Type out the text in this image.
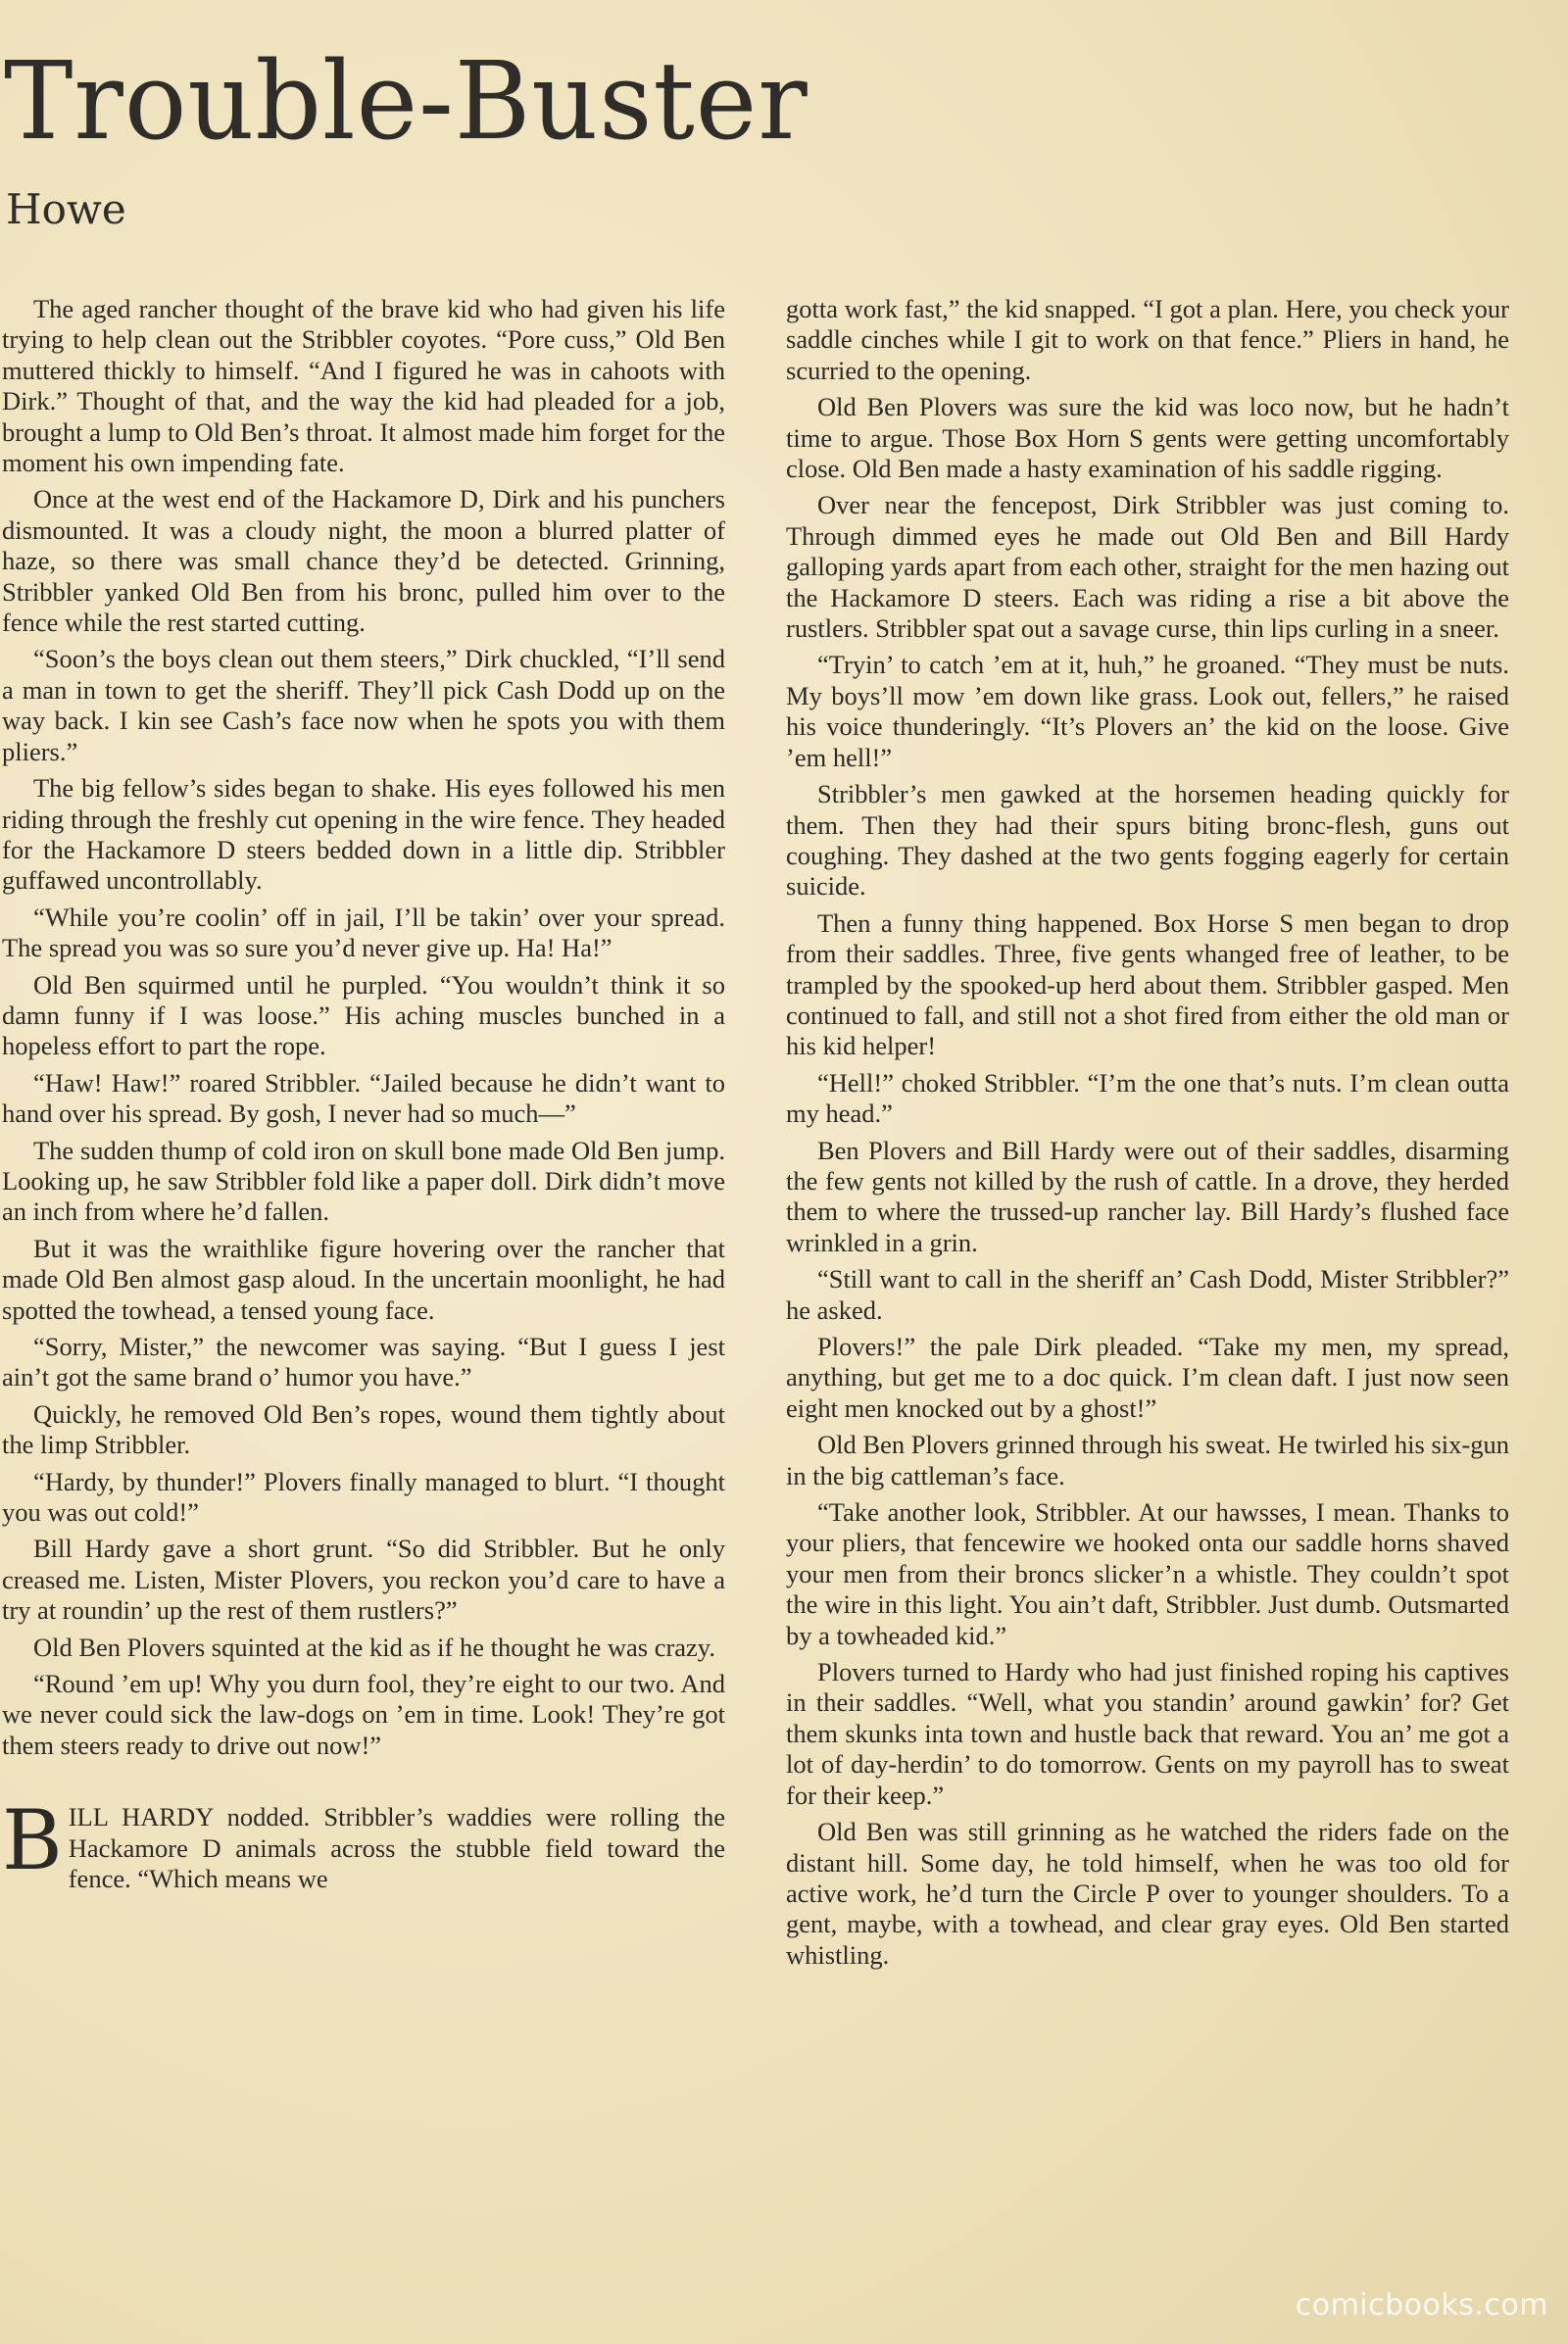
Trouble-Buster
Howe

The aged rancher thought of the brave kid who had given his life trying to help clean out the Stribbler coyotes. “Pore cuss,” Old Ben muttered thickly to himself. “And I figured he was in cahoots with Dirk.” Thought of that, and the way the kid had pleaded for a job, brought a lump to Old Ben’s throat. It almost made him forget for the moment his own impending fate.

Once at the west end of the Hackamore D, Dirk and his punchers dismounted. It was a cloudy night, the moon a blurred platter of haze, so there was small chance they’d be detected. Grinning, Stribbler yanked Old Ben from his bronc, pulled him over to the fence while the rest started cutting.

“Soon’s the boys clean out them steers,” Dirk chuckled, “I’ll send a man in town to get the sheriff. They’ll pick Cash Dodd up on the way back. I kin see Cash’s face now when he spots you with them pliers.”

The big fellow’s sides began to shake. His eyes followed his men riding through the freshly cut opening in the wire fence. They headed for the Hackamore D steers bedded down in a little dip. Stribbler guffawed uncontrollably.

“While you’re coolin’ off in jail, I’ll be takin’ over your spread. The spread you was so sure you’d never give up. Ha! Ha!”

Old Ben squirmed until he purpled. “You wouldn’t think it so damn funny if I was loose.” His aching muscles bunched in a hopeless effort to part the rope.

“Haw! Haw!” roared Stribbler. “Jailed because he didn’t want to hand over his spread. By gosh, I never had so much—”

The sudden thump of cold iron on skull bone made Old Ben jump. Looking up, he saw Stribbler fold like a paper doll. Dirk didn’t move an inch from where he’d fallen.

But it was the wraithlike figure hovering over the rancher that made Old Ben almost gasp aloud. In the uncertain moonlight, he had spotted the towhead, a tensed young face.

“Sorry, Mister,” the newcomer was saying. “But I guess I jest ain’t got the same brand o’ humor you have.”

Quickly, he removed Old Ben’s ropes, wound them tightly about the limp Stribbler.

“Hardy, by thunder!” Plovers finally managed to blurt. “I thought you was out cold!”

Bill Hardy gave a short grunt. “So did Stribbler. But he only creased me. Listen, Mister Plovers, you reckon you’d care to have a try at roundin’ up the rest of them rustlers?”

Old Ben Plovers squinted at the kid as if he thought he was crazy.

“Round ’em up! Why you durn fool, they’re eight to our two. And we never could sick the law-dogs on ’em in time. Look! They’re got them steers ready to drive out now!”

BILL HARDY nodded. Stribbler’s waddies were rolling the Hackamore D animals across the stubble field toward the fence. “Which means we

gotta work fast,” the kid snapped. “I got a plan. Here, you check your saddle cinches while I git to work on that fence.” Pliers in hand, he scurried to the opening.

Old Ben Plovers was sure the kid was loco now, but he hadn’t time to argue. Those Box Horn S gents were getting uncomfortably close. Old Ben made a hasty examination of his saddle rigging.

Over near the fencepost, Dirk Stribbler was just coming to. Through dimmed eyes he made out Old Ben and Bill Hardy galloping yards apart from each other, straight for the men hazing out the Hackamore D steers. Each was riding a rise a bit above the rustlers. Stribbler spat out a savage curse, thin lips curling in a sneer.

“Tryin’ to catch ’em at it, huh,” he groaned. “They must be nuts. My boys’ll mow ’em down like grass. Look out, fellers,” he raised his voice thunderingly. “It’s Plovers an’ the kid on the loose. Give ’em hell!”

Stribbler’s men gawked at the horsemen heading quickly for them. Then they had their spurs biting bronc-flesh, guns out coughing. They dashed at the two gents fogging eagerly for certain suicide.

Then a funny thing happened. Box Horse S men began to drop from their saddles. Three, five gents whanged free of leather, to be trampled by the spooked-up herd about them. Stribbler gasped. Men continued to fall, and still not a shot fired from either the old man or his kid helper!

“Hell!” choked Stribbler. “I’m the one that’s nuts. I’m clean outta my head.”

Ben Plovers and Bill Hardy were out of their saddles, disarming the few gents not killed by the rush of cattle. In a drove, they herded them to where the trussed-up rancher lay. Bill Hardy’s flushed face wrinkled in a grin.

“Still want to call in the sheriff an’ Cash Dodd, Mister Stribbler?” he asked.

Plovers!” the pale Dirk pleaded. “Take my men, my spread, anything, but get me to a doc quick. I’m clean daft. I just now seen eight men knocked out by a ghost!”

Old Ben Plovers grinned through his sweat. He twirled his six-gun in the big cattleman’s face.

“Take another look, Stribbler. At our hawsses, I mean. Thanks to your pliers, that fencewire we hooked onta our saddle horns shaved your men from their broncs slicker’n a whistle. They couldn’t spot the wire in this light. You ain’t daft, Stribbler. Just dumb. Outsmarted by a towheaded kid.”

Plovers turned to Hardy who had just finished roping his captives in their saddles. “Well, what you standin’ around gawkin’ for? Get them skunks inta town and hustle back that reward. You an’ me got a lot of day-herdin’ to do tomorrow. Gents on my payroll has to sweat for their keep.”

Old Ben was still grinning as he watched the riders fade on the distant hill. Some day, he told himself, when he was too old for active work, he’d turn the Circle P over to younger shoulders. To a gent, maybe, with a towhead, and clear gray eyes. Old Ben started whistling.

comicbooks.com
